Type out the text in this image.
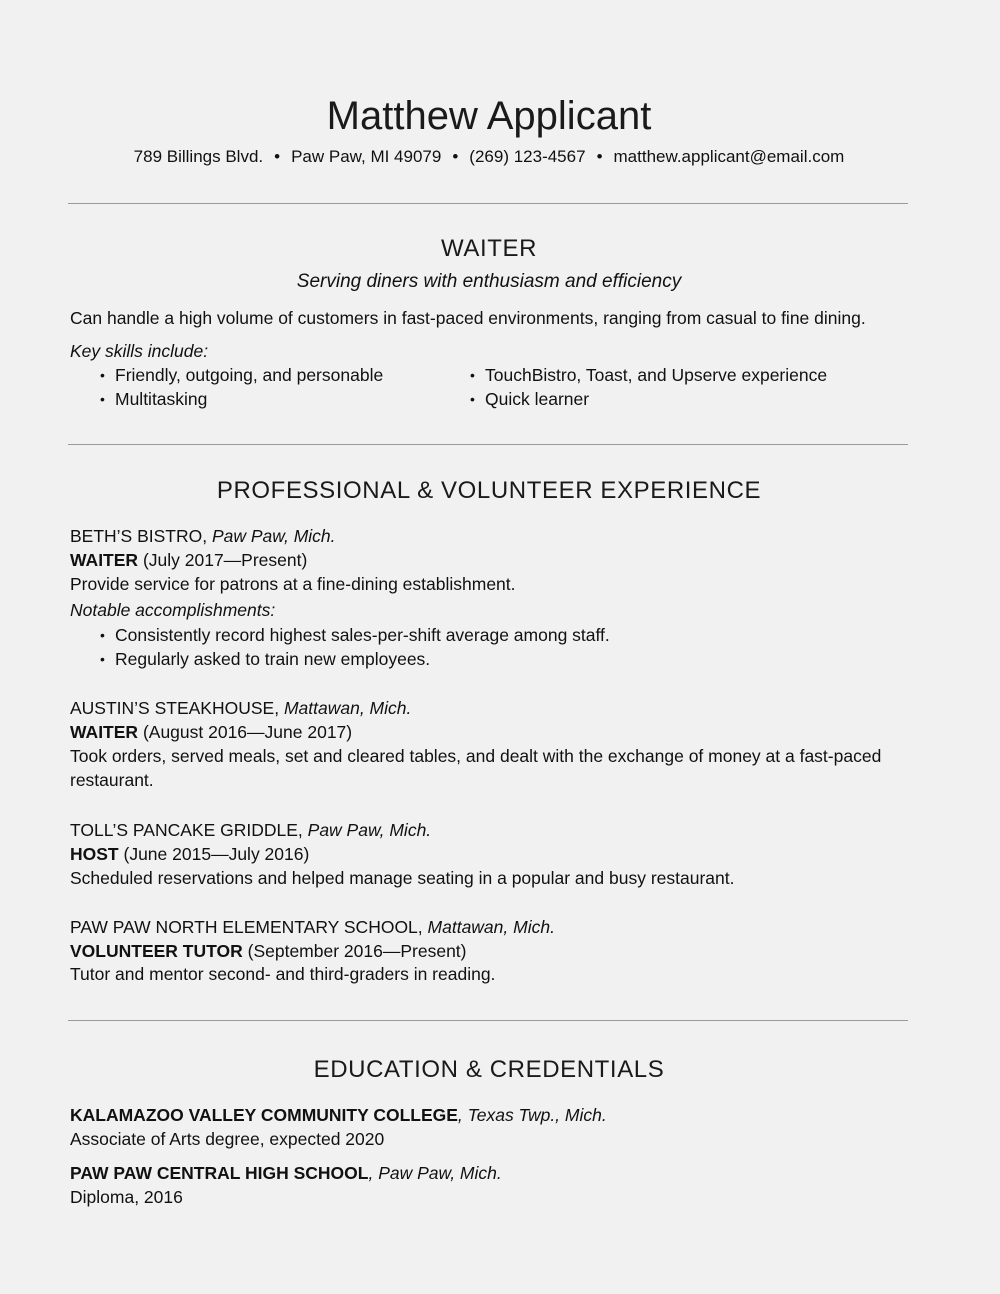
Matthew Applicant
789 Billings Blvd. • Paw Paw, MI 49079 • (269) 123-4567 • matthew.applicant@email.com
WAITER
Serving diners with enthusiasm and efficiency
Can handle a high volume of customers in fast-paced environments, ranging from casual to fine dining.
Key skills include:
• Friendly, outgoing, and personable	• TouchBistro, Toast, and Upserve experience
• Multitasking	• Quick learner
PROFESSIONAL & VOLUNTEER EXPERIENCE
BETH’S BISTRO, Paw Paw, Mich.
WAITER (July 2017—Present)
Provide service for patrons at a fine-dining establishment.
Notable accomplishments:
• Consistently record highest sales-per-shift average among staff.
• Regularly asked to train new employees.
AUSTIN’S STEAKHOUSE, Mattawan, Mich.
WAITER (August 2016—June 2017)
Took orders, served meals, set and cleared tables, and dealt with the exchange of money at a fast-paced restaurant.
TOLL’S PANCAKE GRIDDLE, Paw Paw, Mich.
HOST (June 2015—July 2016)
Scheduled reservations and helped manage seating in a popular and busy restaurant.
PAW PAW NORTH ELEMENTARY SCHOOL, Mattawan, Mich.
VOLUNTEER TUTOR (September 2016—Present)
Tutor and mentor second- and third-graders in reading.
EDUCATION & CREDENTIALS
KALAMAZOO VALLEY COMMUNITY COLLEGE, Texas Twp., Mich.
Associate of Arts degree, expected 2020
PAW PAW CENTRAL HIGH SCHOOL, Paw Paw, Mich.
Diploma, 2016
